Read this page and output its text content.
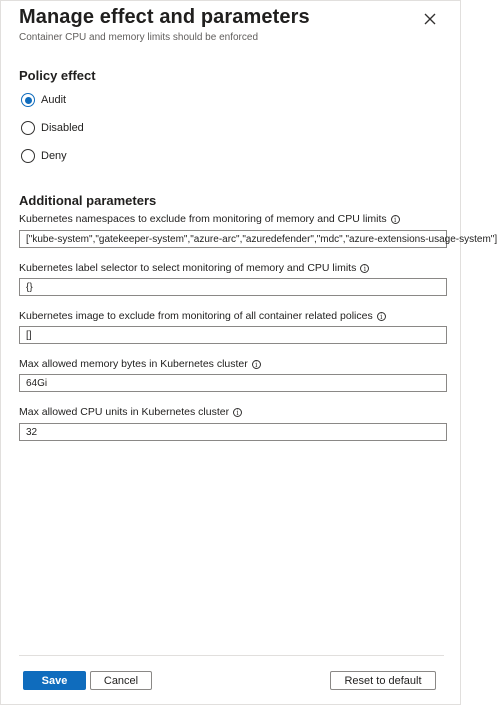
Manage effect and parameters
Container CPU and memory limits should be enforced
Policy effect
Audit
Disabled
Deny
Additional parameters
Kubernetes namespaces to exclude from monitoring of memory and CPU limits	i
["kube-system","gatekeeper-system","azure-arc","azuredefender","mdc","azure-extensions-usage-system"]
Kubernetes label selector to select monitoring of memory and CPU limits	i
{}
Kubernetes image to exclude from monitoring of all container related polices	i
[]
Max allowed memory bytes in Kubernetes cluster	i
64Gi
Max allowed CPU units in Kubernetes cluster	i
32
Save	Cancel	Reset to default
